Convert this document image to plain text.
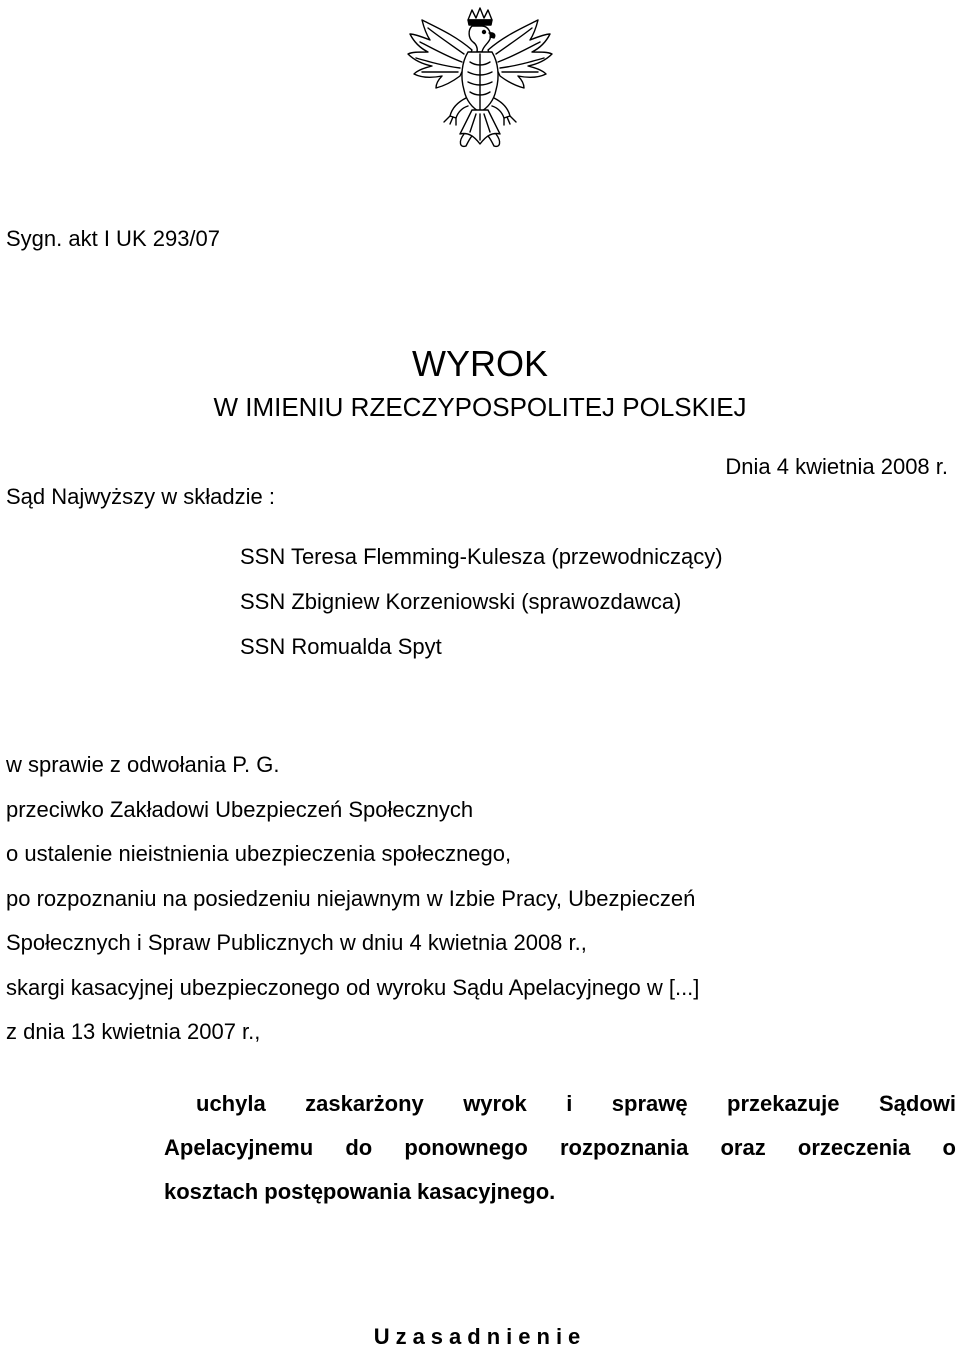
Sygn. akt I UK 293/07
WYROK
W IMIENIU RZECZYPOSPOLITEJ POLSKIEJ
Dnia 4 kwietnia 2008 r.
Sąd Najwyższy w składzie :
SSN Teresa Flemming-Kulesza (przewodniczący)
SSN Zbigniew Korzeniowski (sprawozdawca)
SSN Romualda Spyt
w sprawie z odwołania P. G.
przeciwko Zakładowi Ubezpieczeń Społecznych
o ustalenie nieistnienia ubezpieczenia społecznego,
po rozpoznaniu na posiedzeniu niejawnym w Izbie Pracy, Ubezpieczeń
Społecznych i Spraw Publicznych w dniu 4 kwietnia 2008 r.,
skargi kasacyjnej ubezpieczonego od wyroku Sądu Apelacyjnego w [...]
z dnia 13 kwietnia 2007 r.,
uchyla zaskarżony wyrok i sprawę przekazuje Sądowi
Apelacyjnemu do ponownego rozpoznania oraz orzeczenia o
kosztach postępowania kasacyjnego.
Uzasadnienie
